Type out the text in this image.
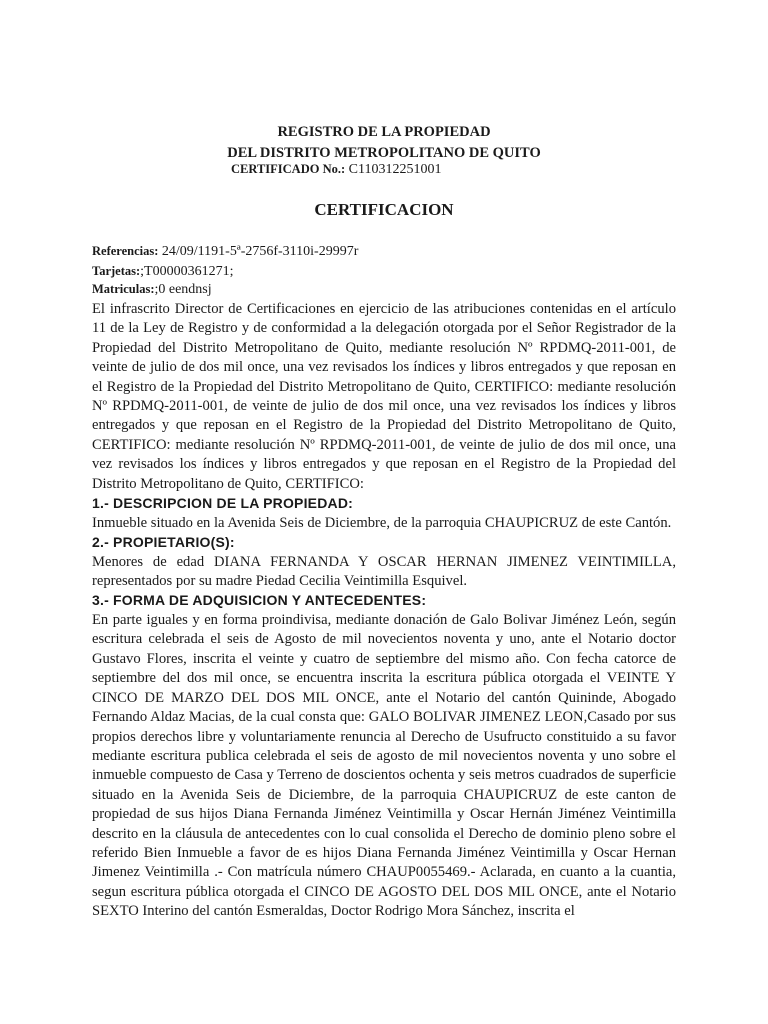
REGISTRO DE LA PROPIEDAD
DEL DISTRITO METROPOLITANO DE QUITO
CERTIFICADO No.: C110312251001
CERTIFICACION
Referencias: 24/09/1191-5ª-2756f-3110i-29997r
Tarjetas:;T00000361271;
Matriculas:;0 eendnsj

El infrascrito Director de Certificaciones en ejercicio de las atribuciones contenidas en el artículo 11 de la Ley de Registro y de conformidad a la delegación otorgada por el Señor Registrador de la Propiedad del Distrito Metropolitano de Quito, mediante resolución Nº RPDMQ-2011-001, de veinte de julio de dos mil once, una vez revisados los índices y libros entregados y que reposan en el Registro de la Propiedad del Distrito Metropolitano de Quito, CERTIFICO: mediante resolución Nº RPDMQ-2011-001, de veinte de julio de dos mil once, una vez revisados los índices y libros entregados y que reposan en el Registro de la Propiedad del Distrito Metropolitano de Quito, CERTIFICO: mediante resolución Nº RPDMQ-2011-001, de veinte de julio de dos mil once, una vez revisados los índices y libros entregados y que reposan en el Registro de la Propiedad del Distrito Metropolitano de Quito, CERTIFICO:

1.- DESCRIPCION DE LA PROPIEDAD:

Inmueble situado en la Avenida Seis de Diciembre, de la parroquia CHAUPICRUZ de este Cantón.

2.- PROPIETARIO(S):

Menores de edad DIANA FERNANDA Y OSCAR HERNAN JIMENEZ VEINTIMILLA, representados por su madre Piedad Cecilia Veintimilla Esquivel.

3.- FORMA DE ADQUISICION Y ANTECEDENTES:

En parte iguales y en forma proindivisa, mediante donación de Galo Bolivar Jiménez León, según escritura celebrada el seis de Agosto de mil novecientos noventa y uno, ante el Notario doctor Gustavo Flores, inscrita el veinte y cuatro de septiembre del mismo año. Con fecha catorce de septiembre del dos mil once, se encuentra inscrita la escritura pública otorgada el VEINTE Y CINCO DE MARZO DEL DOS MIL ONCE, ante el Notario del cantón Quininde, Abogado Fernando Aldaz Macias, de la cual consta que: GALO BOLIVAR JIMENEZ LEON,Casado por sus propios derechos libre y voluntariamente renuncia al Derecho de Usufructo constituido a su favor mediante escritura publica celebrada el seis de agosto de mil novecientos noventa y uno sobre el inmueble compuesto de Casa y Terreno de doscientos ochenta y seis metros cuadrados de superficie situado en la Avenida Seis de Diciembre, de la parroquia CHAUPICRUZ de este canton de propiedad de sus hijos Diana Fernanda Jiménez Veintimilla y Oscar Hernán Jiménez Veintimilla descrito en la cláusula de antecedentes con lo cual consolida el Derecho de dominio pleno sobre el referido Bien Inmueble a favor de es hijos Diana Fernanda Jiménez Veintimilla y Oscar Hernan Jimenez Veintimilla .- Con matrícula número CHAUP0055469.- Aclarada, en cuanto a la cuantia, segun escritura pública otorgada el CINCO DE AGOSTO DEL DOS MIL ONCE, ante el Notario SEXTO Interino del cantón Esmeraldas, Doctor Rodrigo Mora Sánchez, inscrita el
